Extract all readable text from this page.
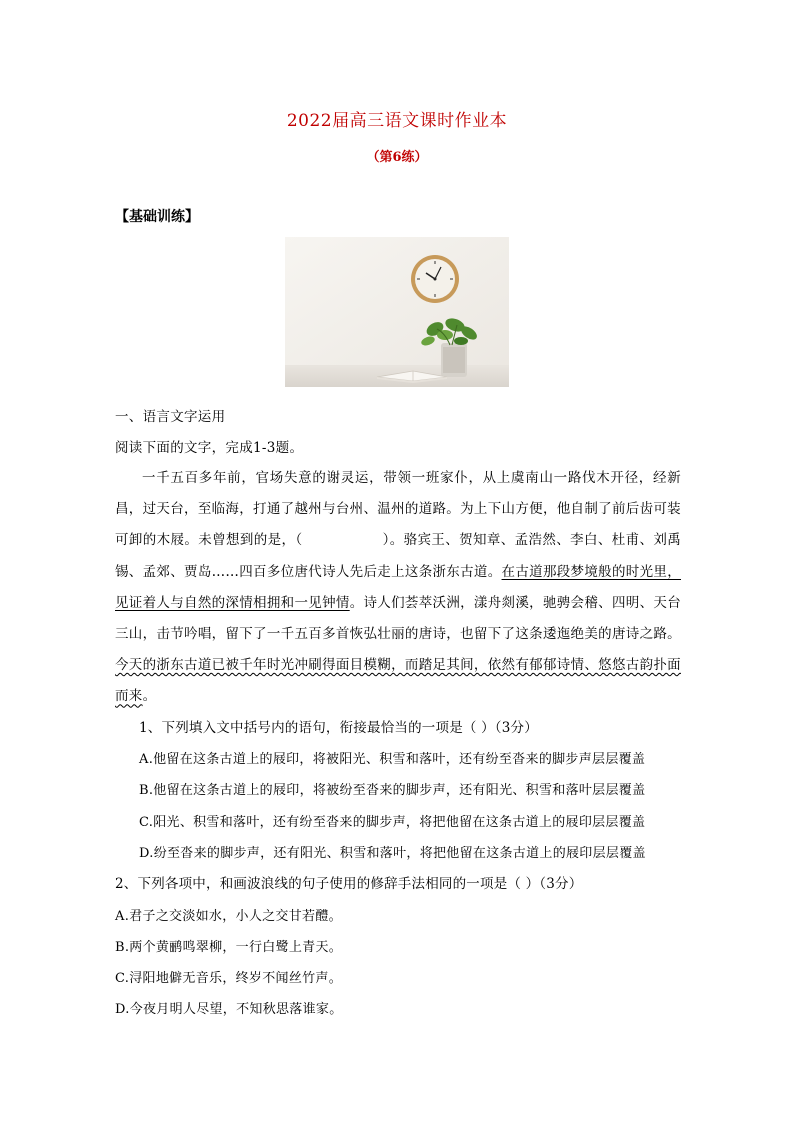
2022届高三语文课时作业本
（第6练）
【基础训练】
一、语言文字运用
阅读下面的文字，完成1-3题。
一千五百多年前，官场失意的谢灵运，带领一班家仆，从上虞南山一路伐木开径，经新昌，过天台，至临海，打通了越州与台州、温州的道路。为上下山方便，他自制了前后齿可装可卸的木屐。未曾想到的是，（	）。骆宾王、贺知章、孟浩然、李白、杜甫、刘禹锡、孟郊、贾岛……四百多位唐代诗人先后走上这条浙东古道。在古道那段梦境般的时光里，见证着人与自然的深情相拥和一见钟情。诗人们荟萃沃洲，漾舟剡溪，驰骋会稽、四明、天台三山，击节吟唱，留下了一千五百多首恢弘壮丽的唐诗，也留下了这条逶迤绝美的唐诗之路。今天的浙东古道已被千年时光冲刷得面目模糊，而踏足其间，依然有郁郁诗情、悠悠古韵扑面而来。
1、下列填入文中括号内的语句，衔接最恰当的一项是（ ）（3分）
A.他留在这条古道上的屐印，将被阳光、积雪和落叶，还有纷至沓来的脚步声层层覆盖
B.他留在这条古道上的屐印，将被纷至沓来的脚步声，还有阳光、积雪和落叶层层覆盖
C.阳光、积雪和落叶，还有纷至沓来的脚步声，将把他留在这条古道上的屐印层层覆盖
D.纷至沓来的脚步声，还有阳光、积雪和落叶，将把他留在这条古道上的屐印层层覆盖
2、下列各项中，和画波浪线的句子使用的修辞手法相同的一项是（ ）（3分）
A.君子之交淡如水，小人之交甘若醴。
B.两个黄鹂鸣翠柳，一行白鹭上青天。
C.浔阳地僻无音乐，终岁不闻丝竹声。
D.今夜月明人尽望，不知秋思落谁家。
